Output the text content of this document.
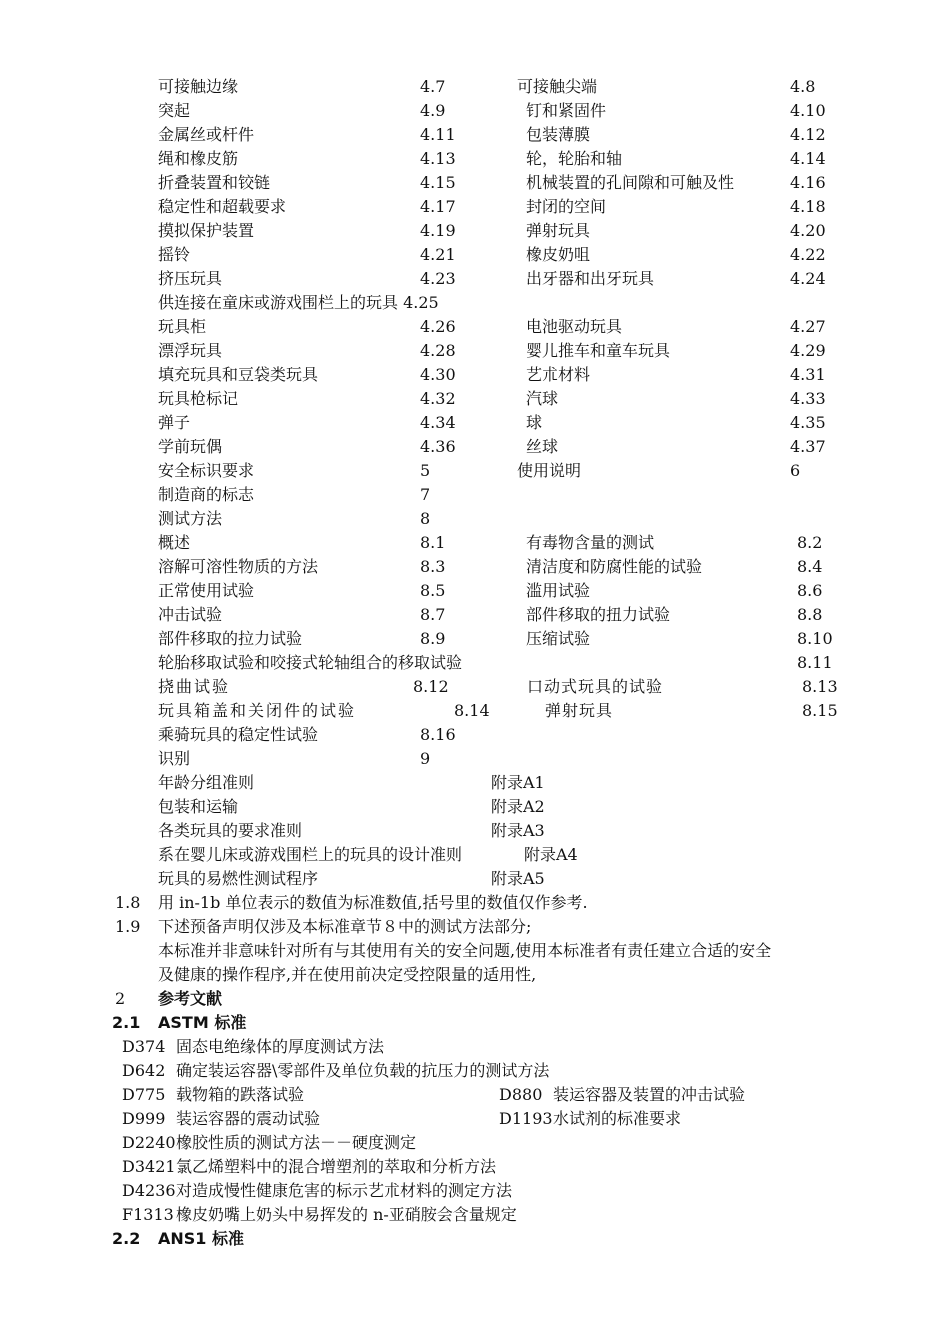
可接触边缘	4.7	可接触尖端	4.8
突起	4.9	钉和紧固件	4.10
金属丝或杆件	4.11	包装薄膜	4.12
绳和橡皮筋	4.13	轮，轮胎和轴	4.14
折叠装置和铰链	4.15	机械装置的孔间隙和可触及性	4.16
稳定性和超载要求	4.17	封闭的空间	4.18
摸拟保护装置	4.19	弹射玩具	4.20
摇铃	4.21	橡皮奶咀	4.22
挤压玩具	4.23	出牙器和出牙玩具	4.24
供连接在童床或游戏围栏上的玩具 4.25
玩具柜	4.26	电池驱动玩具	4.27
漂浮玩具	4.28	婴儿推车和童车玩具	4.29
填充玩具和豆袋类玩具	4.30	艺朮材料	4.31
玩具枪标记	4.32	汽球	4.33
弹子	4.34	球	4.35
学前玩偶	4.36	丝球	4.37
安全标识要求	5	使用说明	6
制造商的标志	7
测试方法	8
概述	8.1	有毒物含量的测试	8.2
溶解可溶性物质的方法	8.3	清洁度和防腐性能的试验	8.4
正常使用试验	8.5	滥用试验	8.6
冲击试验	8.7	部件移取的扭力试验	8.8
部件移取的拉力试验	8.9	压缩试验	8.10
轮胎移取试验和咬接式轮轴组合的移取试验	8.11
挠曲试验	8.12	口动式玩具的试验	8.13
玩具箱盖和关闭件的试验	8.14	弹射玩具	8.15
乘骑玩具的稳定性试验	8.16
识别	9
年龄分组准则	附录A1
包装和运输	附录A2
各类玩具的要求准则	附录A3
系在婴儿床或游戏围栏上的玩具的设计准则	附录A4
玩具的易燃性测试程序	附录A5
1.8 用 in-1b 单位表示的数值为标准数值,括号里的数值仅作参考.
1.9 下述预备声明仅涉及本标准章节８中的测试方法部分;
本标准并非意味针对所有与其使用有关的安全问题,使用本标准者有责任建立合适的安全
及健康的操作程序,并在使用前决定受控限量的适用性,
2 参考文献
2.1 ASTM 标准
D374 固态电绝缘体的厚度测试方法
D642 确定装运容器\零部件及单位负载的抗压力的测试方法
D775 载物箱的跌落试验	D880 装运容器及装置的冲击试验
D999 装运容器的震动试验	D1193 水试剂的标准要求
D2240 橡胶性质的测试方法－－硬度测定
D3421 氯乙烯塑料中的混合增塑剂的萃取和分析方法
D4236 对造成慢性健康危害的标示艺朮材料的测定方法
F1313 橡皮奶嘴上奶头中易挥发的 n-亚硝胺会含量规定
2.2 ANS1 标准
